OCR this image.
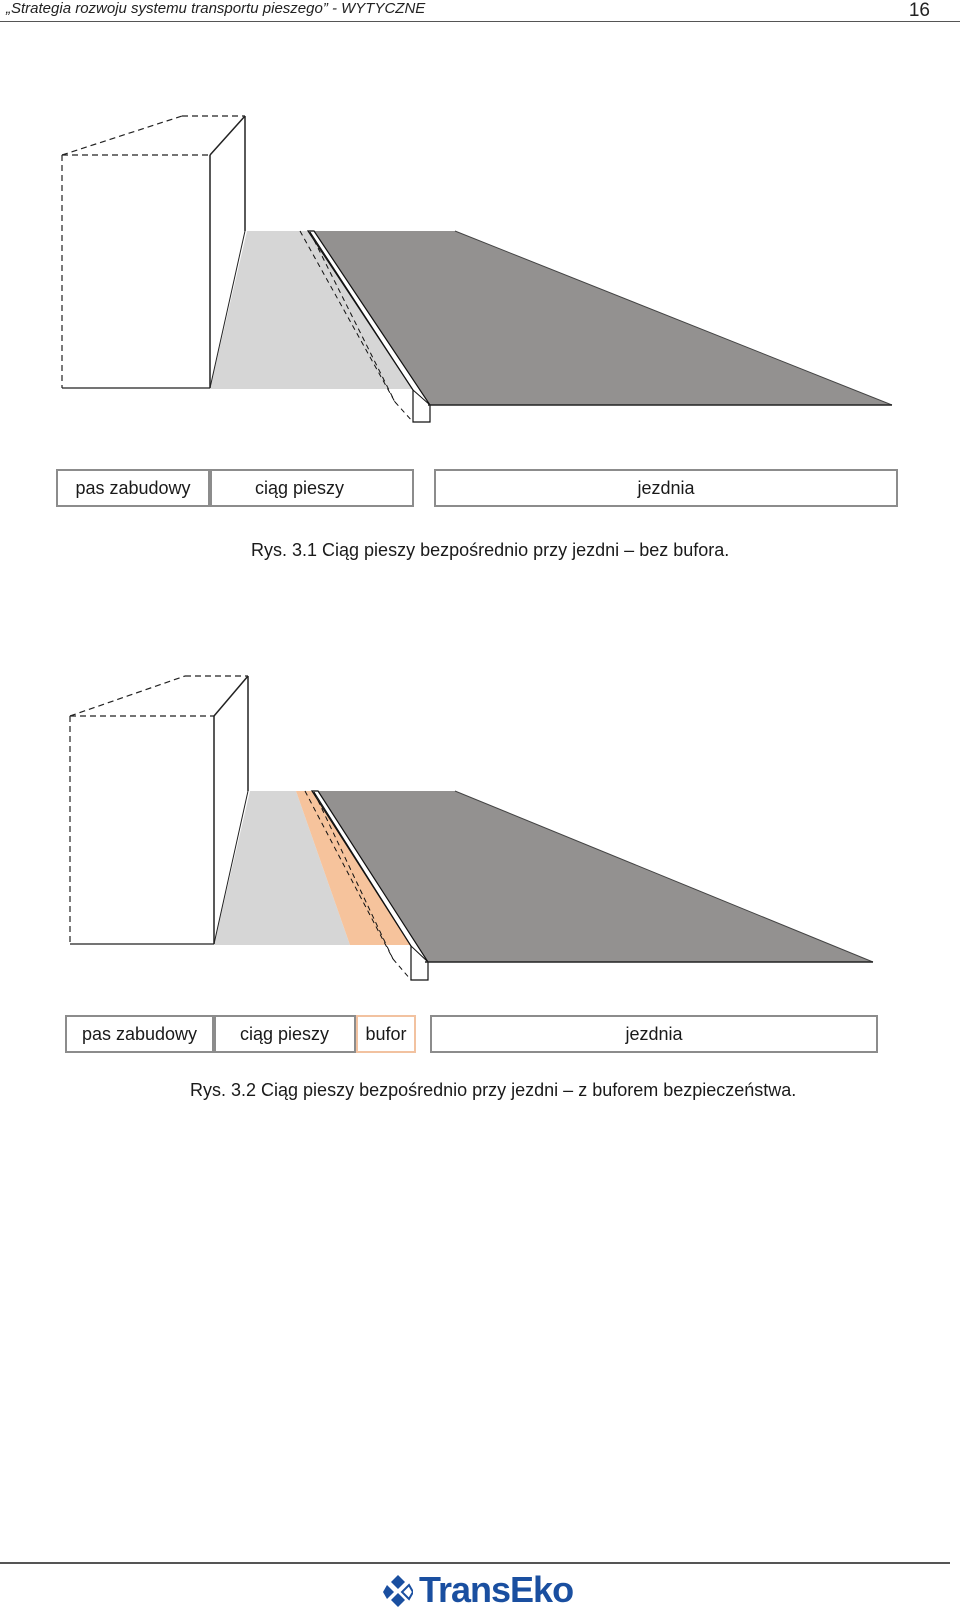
„Strategia rozwoju systemu transportu pieszego” - WYTYCZNE	16
pas zabudowy	ciąg pieszy	jezdnia
Rys. 3.1 Ciąg pieszy bezpośrednio przy jezdni – bez bufora.
pas zabudowy ciąg pieszy bufor	jezdnia
Rys. 3.2 Ciąg pieszy bezpośrednio przy jezdni – z buforem bezpieczeństwa.
TransEko
